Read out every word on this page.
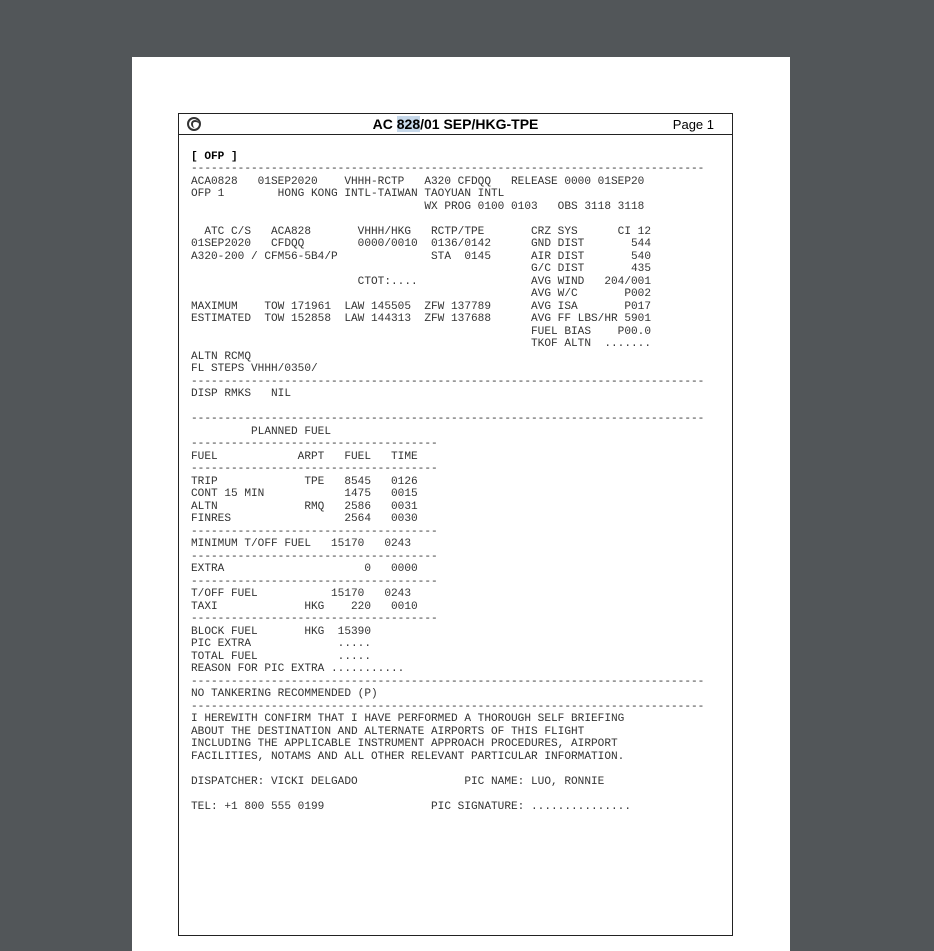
AC 828/01 SEP/HKG-TPE	Page 1

[ OFP ]
-----------------------------------------------------------------------------
ACA0828   01SEP2020    VHHH-RCTP   A320 CFDQQ   RELEASE 0000 01SEP20
OFP 1        HONG KONG INTL-TAIWAN TAOYUAN INTL
WX PROG 0100 0103   OBS 3118 3118

ATC C/S   ACA828       VHHH/HKG   RCTP/TPE       CRZ SYS      CI 12
01SEP2020   CFDQQ        0000/0010  0136/0142      GND DIST       544
A320-200 / CFM56-5B4/P              STA  0145      AIR DIST       540
G/C DIST       435
CTOT:....                 AVG WIND   204/001
AVG W/C       P002
MAXIMUM    TOW 171961  LAW 145505  ZFW 137789      AVG ISA       P017
ESTIMATED  TOW 152858  LAW 144313  ZFW 137688      AVG FF LBS/HR 5901
FUEL BIAS    P00.0
TKOF ALTN  .......
ALTN RCMQ
FL STEPS VHHH/0350/
-----------------------------------------------------------------------------
DISP RMKS   NIL

-----------------------------------------------------------------------------
PLANNED FUEL
-------------------------------------
FUEL            ARPT   FUEL   TIME
-------------------------------------
TRIP             TPE   8545   0126
CONT 15 MIN            1475   0015
ALTN             RMQ   2586   0031
FINRES                 2564   0030
-------------------------------------
MINIMUM T/OFF FUEL   15170   0243
-------------------------------------
EXTRA                     0   0000
-------------------------------------
T/OFF FUEL           15170   0243
TAXI             HKG    220   0010
-------------------------------------
BLOCK FUEL       HKG  15390
PIC EXTRA             .....
TOTAL FUEL            .....
REASON FOR PIC EXTRA ...........
-----------------------------------------------------------------------------
NO TANKERING RECOMMENDED (P)
-----------------------------------------------------------------------------
I HEREWITH CONFIRM THAT I HAVE PERFORMED A THOROUGH SELF BRIEFING
ABOUT THE DESTINATION AND ALTERNATE AIRPORTS OF THIS FLIGHT
INCLUDING THE APPLICABLE INSTRUMENT APPROACH PROCEDURES, AIRPORT
FACILITIES, NOTAMS AND ALL OTHER RELEVANT PARTICULAR INFORMATION.

DISPATCHER: VICKI DELGADO                PIC NAME: LUO, RONNIE

TEL: +1 800 555 0199                PIC SIGNATURE: ...............
